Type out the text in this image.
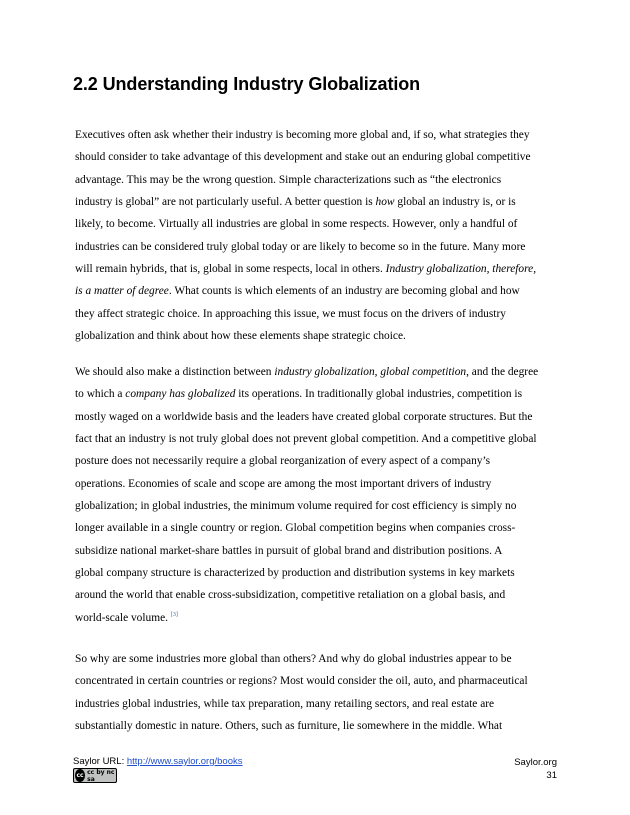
2.2 Understanding Industry Globalization
Executives often ask whether their industry is becoming more global and, if so, what strategies they
should consider to take advantage of this development and stake out an enduring global competitive
advantage. This may be the wrong question. Simple characterizations such as “the electronics
industry is global” are not particularly useful. A better question is how global an industry is, or is
likely, to become. Virtually all industries are global in some respects. However, only a handful of
industries can be considered truly global today or are likely to become so in the future. Many more
will remain hybrids, that is, global in some respects, local in others. Industry globalization, therefore,
is a matter of degree. What counts is which elements of an industry are becoming global and how
they affect strategic choice. In approaching this issue, we must focus on the drivers of industry
globalization and think about how these elements shape strategic choice.
We should also make a distinction between industry globalization, global competition, and the degree
to which a company has globalized its operations. In traditionally global industries, competition is
mostly waged on a worldwide basis and the leaders have created global corporate structures. But the
fact that an industry is not truly global does not prevent global competition. And a competitive global
posture does not necessarily require a global reorganization of every aspect of a company’s
operations. Economies of scale and scope are among the most important drivers of industry
globalization; in global industries, the minimum volume required for cost efficiency is simply no
longer available in a single country or region. Global competition begins when companies cross-
subsidize national market-share battles in pursuit of global brand and distribution positions. A
global company structure is characterized by production and distribution systems in key markets
around the world that enable cross-subsidization, competitive retaliation on a global basis, and
world-scale volume. [3]
So why are some industries more global than others? And why do global industries appear to be
concentrated in certain countries or regions? Most would consider the oil, auto, and pharmaceutical
industries global industries, while tax preparation, many retailing sectors, and real estate are
substantially domestic in nature. Others, such as furniture, lie somewhere in the middle. What
Saylor URL: http://www.saylor.org/books
cc cc by nc sa
Saylor.org
31
